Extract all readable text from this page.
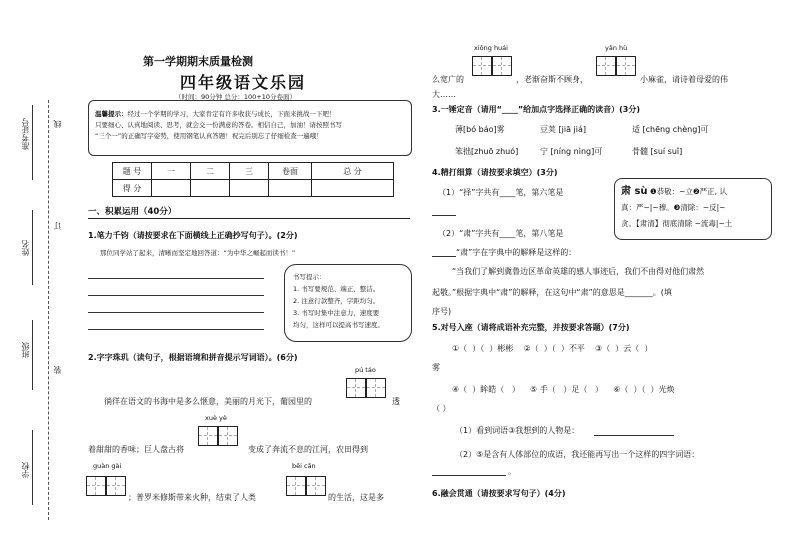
准考证号	线
姓名
订
班级
装
学校
第一学期期末质量检测
四年级语文乐园
（时间：90分钟 总分：100+10分卷面）
温馨提示：经过一个学期的学习，大家肯定有许多收获与成长，下面来挑战一下吧！
只要细心、认真地阅读、思考，就会交一份满意的答卷。相信自己，加油！请按照书写
“三个一”的正确写字姿势，使用钢笔认真答题！祝完后别忘了仔细检查一遍哦！
题 号	一	二	三	卷面	总 分
得 分					
一、积累运用（40分）
1.笔力千钧（请按要求在下面横线上正确抄写句子）。(2分)
那位同学站了起来，清晰而坚定地回答道：“为中华之崛起而读书！”
书写提示：
1. 书写要规范、端正、整洁。
2. 注意行款整齐，字距均匀。
3. 书写时集中注意力，速度要
均匀，这样可以提高书写速度。
2.字字珠玑（读句子，根据语境和拼音提示写词语）。(6分)
pú táo
徜徉在语文的书海中是多么惬意，美丽的月光下，葡园里的	透
xuè yè
着甜甜的香味；巨人盘古将	变成了奔流不息的江河，农田得到
guàn gài	bēi cǎn
；普罗米修斯带来火种，结束了人类	的生活，这是多
xiōng huái	yǎn hù
么宽广的	，老渐奋斯不顾身，	小麻雀，请诗着母爱的伟
大……
3.一锤定音（请用“____”给加点字选择正确的读音）(3分)
薄[bó báo]雾	豆荚 [jiā jiá]	适 [chēng chèng]可
笨拙[zhuō zhuó]	宁 [níng nìng]可	骨髓 [suí suǐ]
4.精打细算（请按要求填空）(3分)
（1）“择”字共有____笔，第六笔是
（2）“肃”字共有____笔，第八笔是
“肃”字在字典中的解释是这样的：
肃 sù ❶恭敬：~立❷严正, 认
真：严~|~穆。❸清除：~反|~
贪。【肃清】彻底清除 ~流毒|~土
“当我们了解到冀鲁边区革命英雄的感人事迹后，我们不由得对他们肃然
起敬。”根据字典中“肃”的解释，在这句中“肃”的意思是_______。(填
序号)
5.对号入座（请将成语补充完整，并按要求答题）(7分)
①（  ）（  ）彬彬    ②（  ）（  ）不平    ③（  ）云（  ）
雾
④（  ）眸皓（   ）    ⑤ 手（   ）足（   ）    ⑥（  ）（  ）光焕
（ ）
（1）看到词语③我想到的人物是：
（2）⑤是含有人体部位的成语，我还能再写出一个这样的四字词语：
。
6.融会贯通（请按要求写句子）(4分)
